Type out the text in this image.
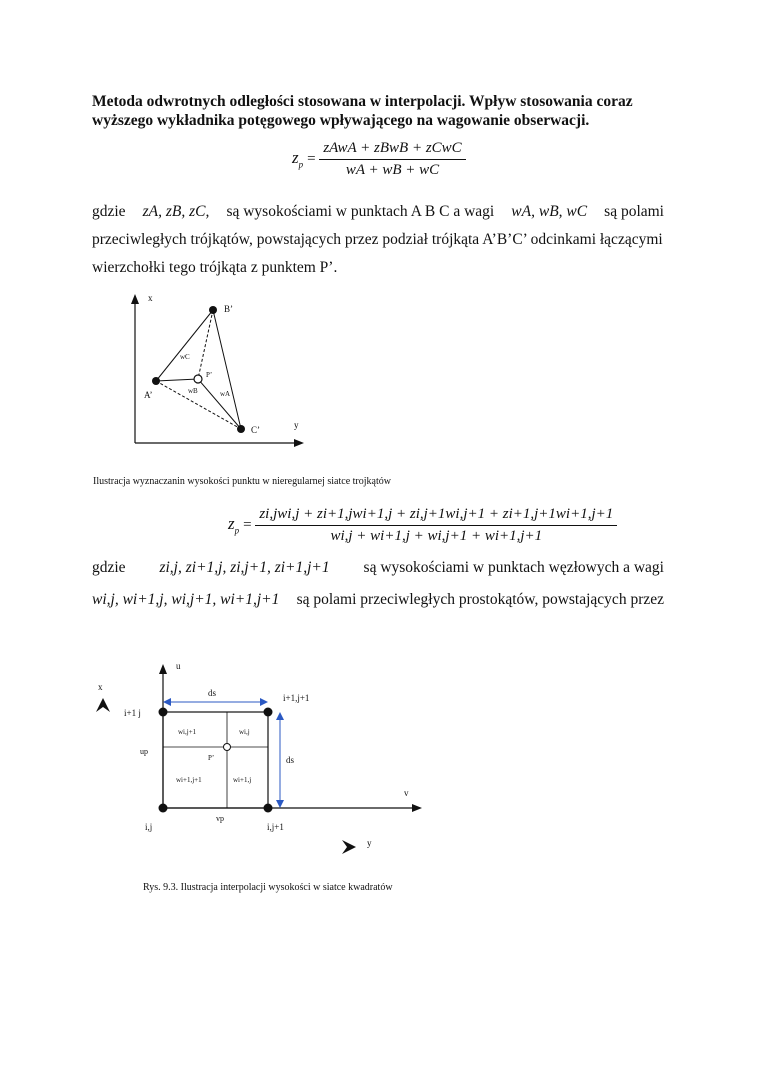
Metoda odwrotnych odległości stosowana w interpolacji. Wpływ stosowania coraz
wyższego wykładnika potęgowego wpływającego na wagowanie obserwacji.
$z_p = \frac{\text{zAwA + zBwB + zCwC}}{wA + wB + wC}$
gdzie zA, zB, zC, są wysokościami w punktach A B C a wagi wA, wB, wC są polami
przeciwległych trójkątów, powstających przez podział trójkąta A’B’C’ odcinkami łączącymi
wierzchołki tego trójkąta z punktem P’.
x
y
B’
A’
C’
P’
wC
wB	wA
Ilustracja wyznaczanin wysokości punktu w nieregularnej siatce trojkątów
$z_p = \frac{\text{zi,jwi,j + zi+1,jwi+1,j + zi,j+1wi,j+1 + zi+1,j+1wi+1,j+1}}{wi,j + wi+1,j + wi,j+1 + wi+1,j+1}$
gdzie zi,j, zi+1,j, zi,j+1, zi+1,j+1 są wysokościami w punktach węzłowych a wagi
wi,j, wi+1,j, wi,j+1, wi+1,j+1 są polami przeciwległych prostokątów, powstających przez
u
v
x
y
ds
ds
i+1 j
i+1,j+1
i,j	i,j+1
up
vp
P’
wi,j+1	wi,j
wi+1,j+1	wi+1,j
Rys. 9.3. Ilustracja interpolacji wysokości w siatce kwadratów
